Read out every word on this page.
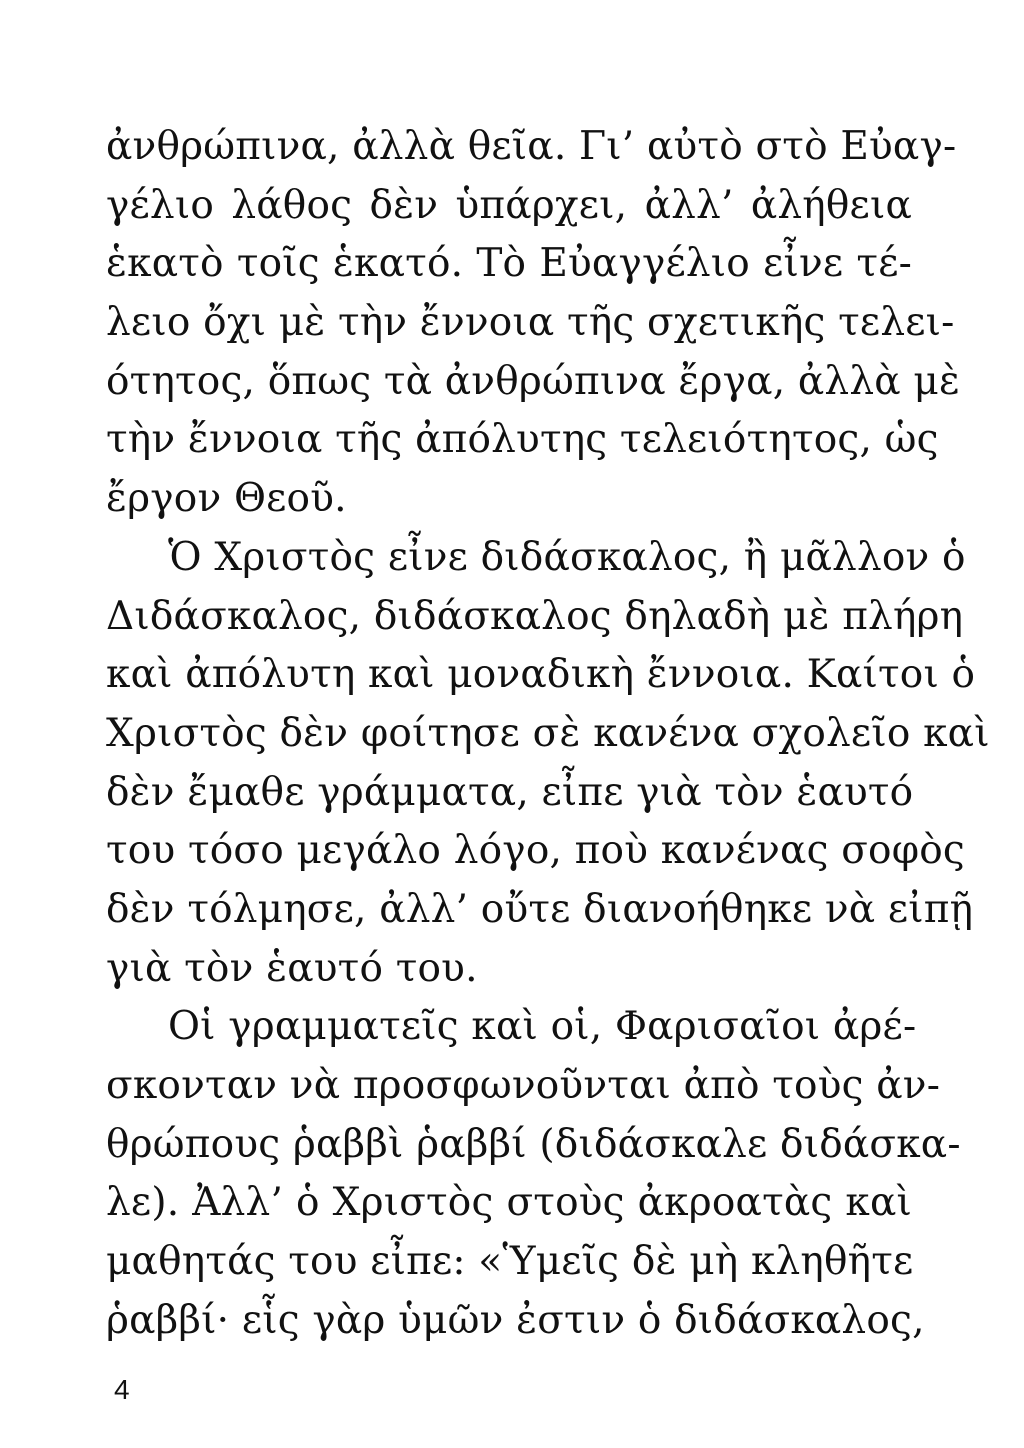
ἀνθρώπινα, ἀλλὰ θεῖα. Γι’ αὐτὸ στὸ Εὐαγ-
γέλιο λάθος δὲν ὑπάρχει, ἀλλ’ ἀλήθεια
ἑκατὸ τοῖς ἑκατό. Τὸ Εὐαγγέλιο εἶνε τέ-
λειο ὄχι μὲ τὴν ἔννοια τῆς σχετικῆς τελει-
ότητος, ὅπως τὰ ἀνθρώπινα ἔργα, ἀλλὰ μὲ
τὴν ἔννοια τῆς ἀπόλυτης τελειότητος, ὡς
ἔργον Θεοῦ.
Ὁ Χριστὸς εἶνε διδάσκαλος, ἢ μᾶλλον ὁ
Διδάσκαλος, διδάσκαλος δηλαδὴ μὲ πλήρη
καὶ ἀπόλυτη καὶ μοναδικὴ ἔννοια. Καίτοι ὁ
Χριστὸς δὲν φοίτησε σὲ κανένα σχολεῖο καὶ
δὲν ἔμαθε γράμματα, εἶπε γιὰ τὸν ἑαυτό
του τόσο μεγάλο λόγο, ποὺ κανένας σοφὸς
δὲν τόλμησε, ἀλλ’ οὔτε διανοήθηκε νὰ εἰπῇ
γιὰ τὸν ἑαυτό του.
Οἱ γραμματεῖς καὶ οἱ, Φαρισαῖοι ἀρέ-
σκονταν νὰ προσφωνοῦνται ἀπὸ τοὺς ἀν-
θρώπους ῥαββὶ ῥαββί (διδάσκαλε διδάσκα-
λε). Ἀλλ’ ὁ Χριστὸς στοὺς ἀκροατὰς καὶ
μαθητάς του εἶπε: «Ὑμεῖς δὲ μὴ κληθῆτε
ῥαββί· εἷς γὰρ ὑμῶν ἐστιν ὁ διδάσκαλος,
4
